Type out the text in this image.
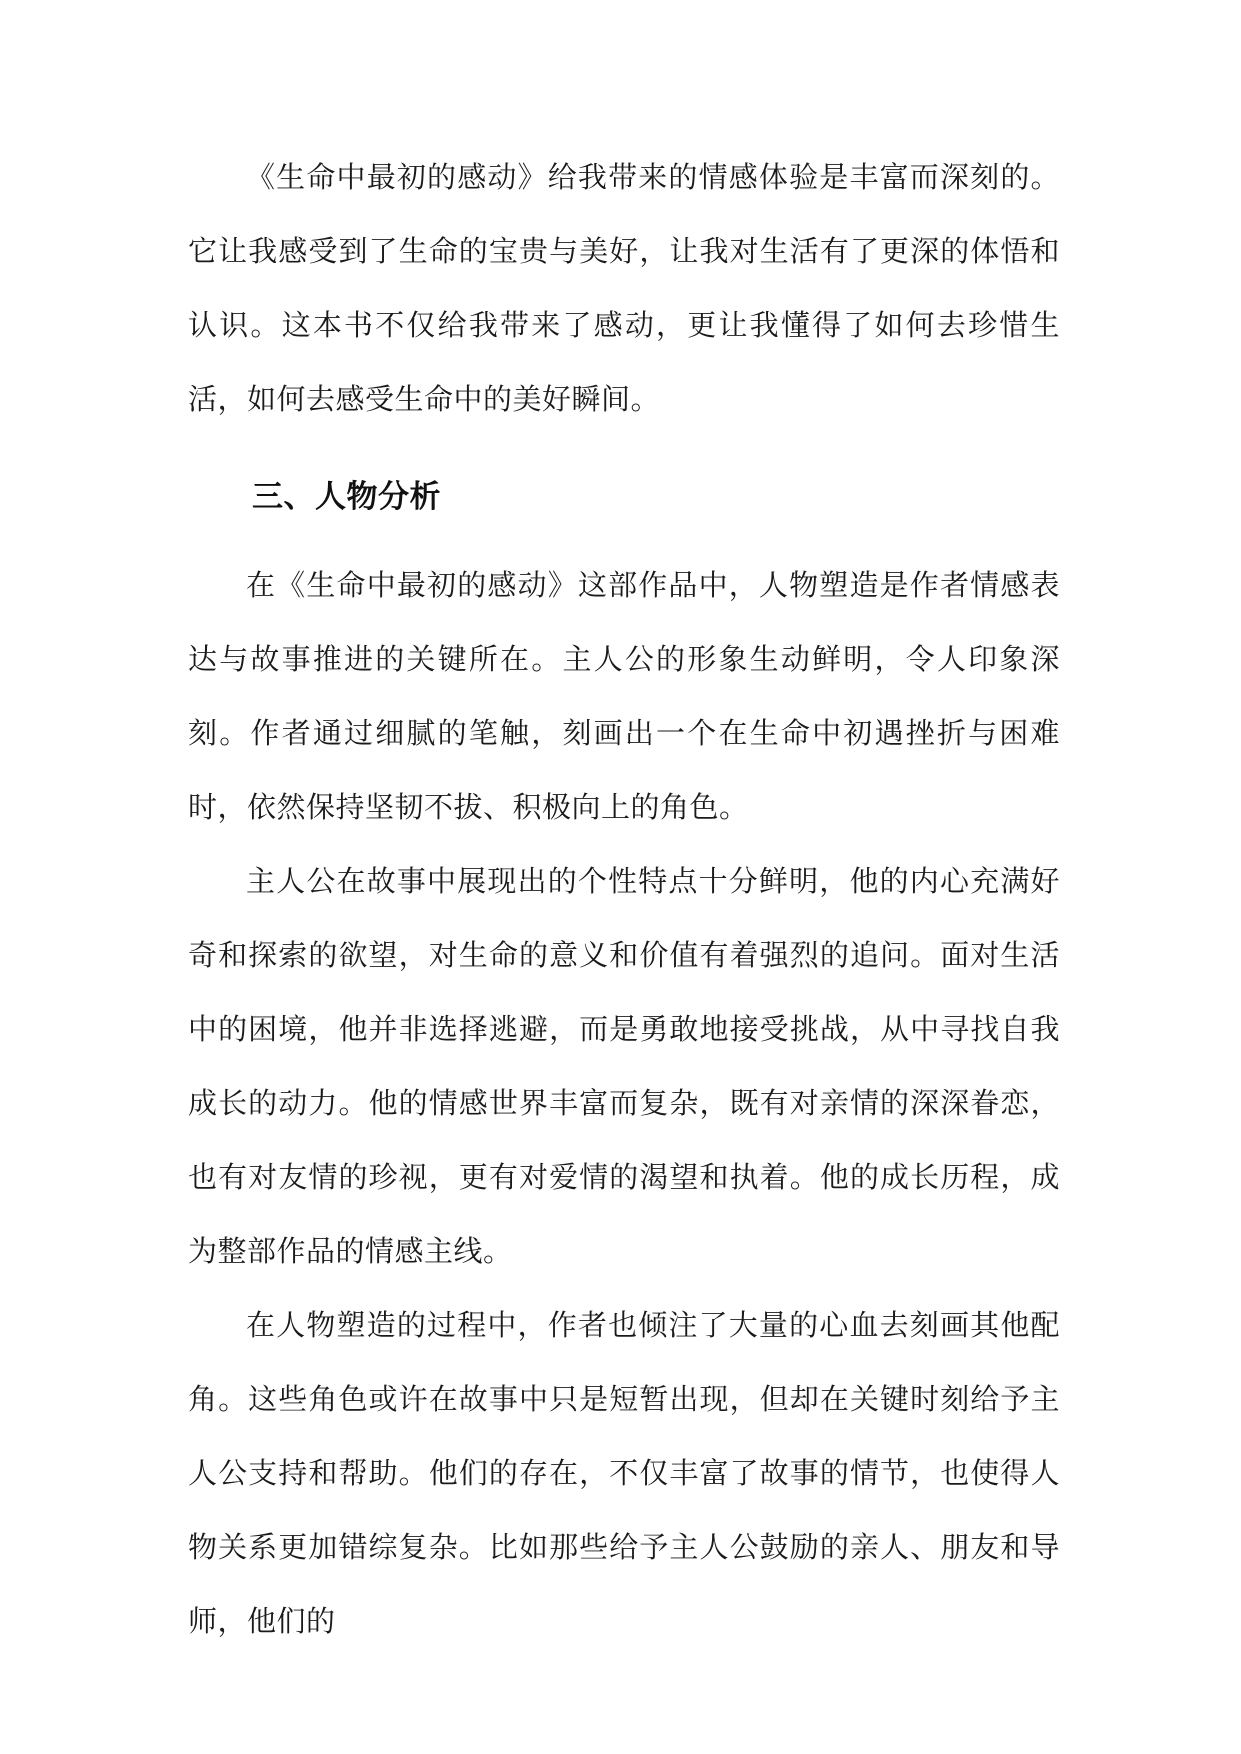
《生命中最初的感动》给我带来的情感体验是丰富而深刻的。它让我感受到了生命的宝贵与美好，让我对生活有了更深的体悟和认识。这本书不仅给我带来了感动，更让我懂得了如何去珍惜生活，如何去感受生命中的美好瞬间。

三、人物分析

在《生命中最初的感动》这部作品中，人物塑造是作者情感表达与故事推进的关键所在。主人公的形象生动鲜明，令人印象深刻。作者通过细腻的笔触，刻画出一个在生命中初遇挫折与困难时，依然保持坚韧不拔、积极向上的角色。

主人公在故事中展现出的个性特点十分鲜明，他的内心充满好奇和探索的欲望，对生命的意义和价值有着强烈的追问。面对生活中的困境，他并非选择逃避，而是勇敢地接受挑战，从中寻找自我成长的动力。他的情感世界丰富而复杂，既有对亲情的深深眷恋，也有对友情的珍视，更有对爱情的渴望和执着。他的成长历程，成为整部作品的情感主线。

在人物塑造的过程中，作者也倾注了大量的心血去刻画其他配角。这些角色或许在故事中只是短暂出现，但却在关键时刻给予主人公支持和帮助。他们的存在，不仅丰富了故事的情节，也使得人物关系更加错综复杂。比如那些给予主人公鼓励的亲人、朋友和导师，他们的
